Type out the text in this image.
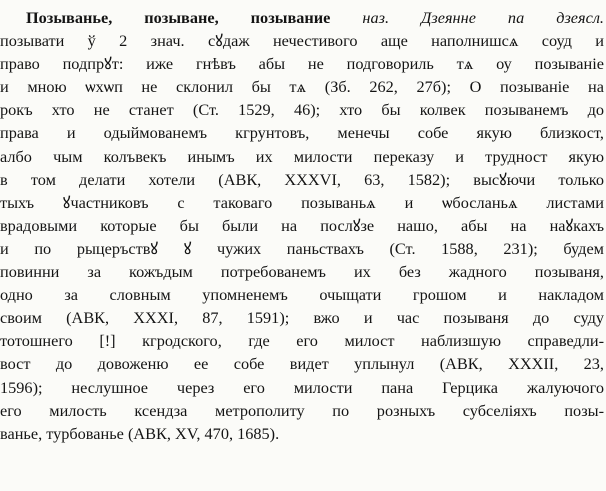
Позыванье, позыване, позывание наз. Дзеянне па дзеясл.
позывати ў 2 знач. сꙋдаж нечестивого аще наполнишсѧ соуд и
право подпрꙋт: иже гнѣвъ абы не подговориль тѧ оу позываніе
и мною ѡхѡп не склонил бы тѧ (Зб. 262, 27б); О позываніе на
рокъ хто не станет (Ст. 1529, 46); хто бы колвек позыванемъ до
права и одыймованемъ кгрунтовъ, менечы собе якую близкост,
албо чым колъвекъ инымъ их милости переказу и трудност якую
в том делати хотели (АВК, XXXVI, 63, 1582); высꙋючи только
тыхъ ꙋчастниковъ с таковаго позываньѧ и ѡбосланьѧ листами
врадовыми которые бы были на послꙋзе нашо, абы на наꙋкахъ
и по рыцеръствꙋ ꙋ чужих паньствахъ (Ст. 1588, 231); будем
повинни за кожъдым потребованемъ их без жадного позываня,
одно за словным упомненемъ очыщати грошом и накладом
своим (АВК, XXXI, 87, 1591); вжо и час позываня до суду
тотошнего [!] кгродского, где его милост наблизшую справедли-
вост до довоженю ее собе видет уплынул (АВК, XXXII, 23,
1596); неслушное через его милости пана Герцика жалуючого
его милость ксендза метрополиту по розныхъ субселіяхъ позы-
ванье, турбованье (АВК, XV, 470, 1685).
